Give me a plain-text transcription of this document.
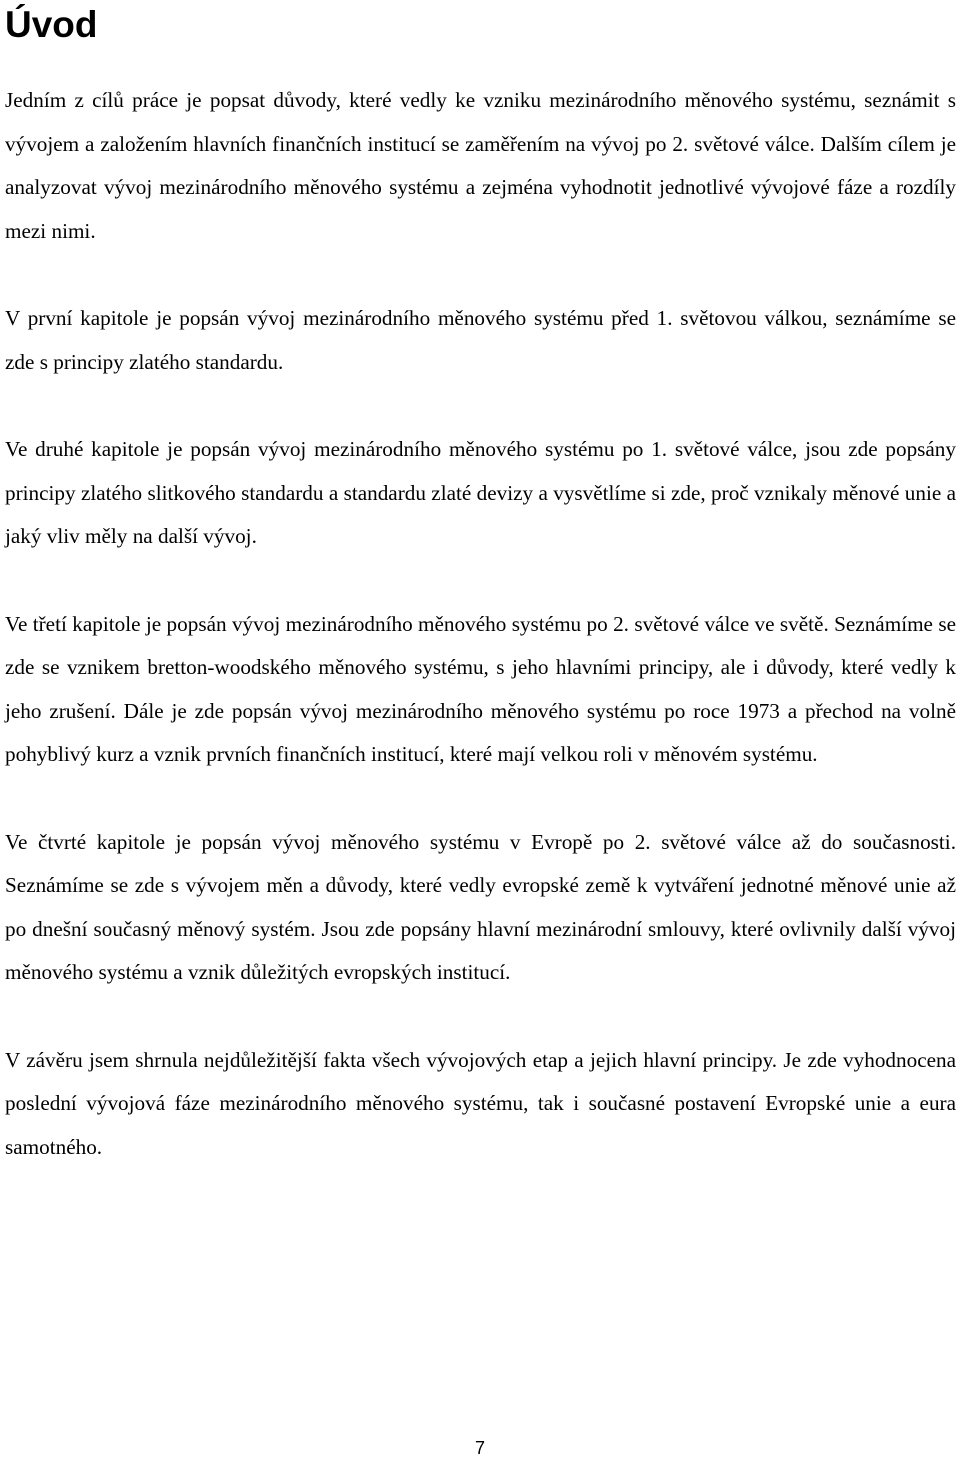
Úvod

Jedním z cílů práce je popsat důvody, které vedly ke vzniku mezinárodního měnového systému, seznámit s vývojem a založením hlavních finančních institucí se zaměřením na vývoj po 2. světové válce. Dalším cílem je analyzovat vývoj mezinárodního měnového systému a zejména vyhodnotit jednotlivé vývojové fáze a rozdíly mezi nimi.

V první kapitole je popsán vývoj mezinárodního měnového systému před 1. světovou válkou, seznámíme se zde s principy zlatého standardu.

Ve druhé kapitole je popsán vývoj mezinárodního měnového systému po 1. světové válce, jsou zde popsány principy zlatého slitkového standardu a standardu zlaté devizy a vysvětlíme si zde, proč vznikaly měnové unie a jaký vliv měly na další vývoj.

Ve třetí kapitole je popsán vývoj mezinárodního měnového systému po 2. světové válce ve světě. Seznámíme se zde se vznikem bretton-woodského měnového systému, s jeho hlavními principy, ale i důvody, které vedly k jeho zrušení. Dále je zde popsán vývoj mezinárodního měnového systému po roce 1973 a přechod na volně pohyblivý kurz a vznik prvních finančních institucí, které mají velkou roli v měnovém systému.

Ve čtvrté kapitole je popsán vývoj měnového systému v Evropě po 2. světové válce až do současnosti. Seznámíme se zde s vývojem měn a důvody, které vedly evropské země k vytváření jednotné měnové unie až po dnešní současný měnový systém. Jsou zde popsány hlavní mezinárodní smlouvy, které ovlivnily další vývoj měnového systému a vznik důležitých evropských institucí.

V závěru jsem shrnula nejdůležitější fakta všech vývojových etap a jejich hlavní principy. Je zde vyhodnocena poslední vývojová fáze mezinárodního měnového systému, tak i současné postavení Evropské unie a eura samotného.

7
